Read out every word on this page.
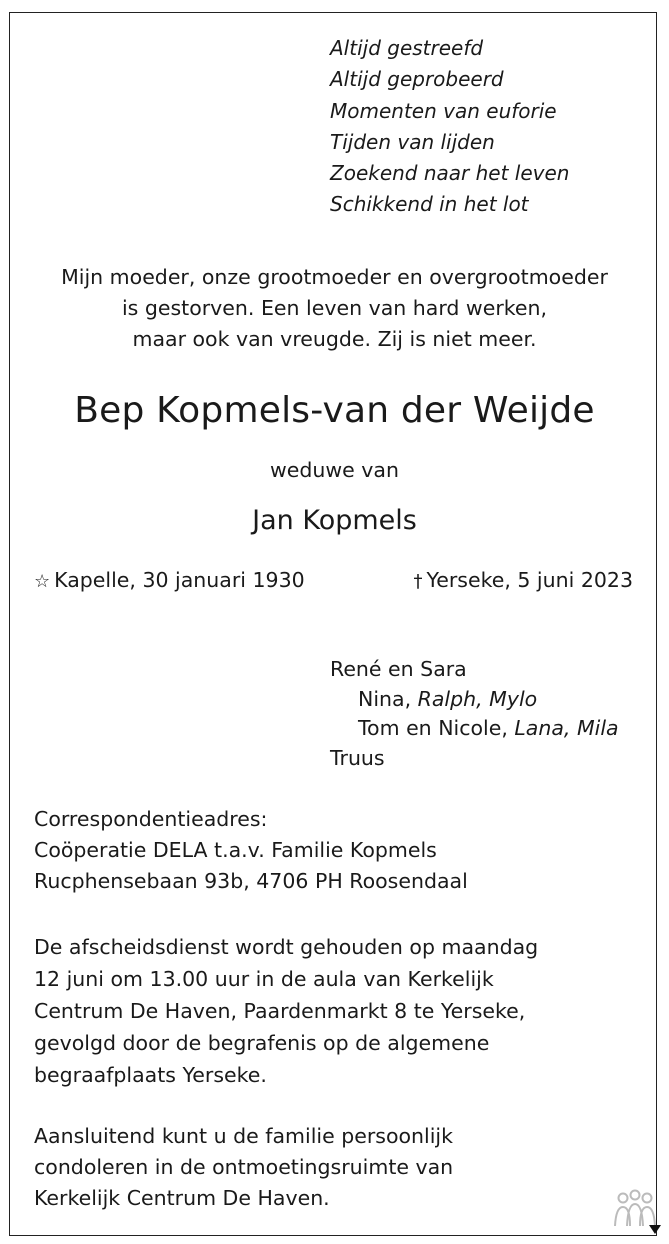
Altijd gestreefd
Altijd geprobeerd
Momenten van euforie
Tijden van lijden
Zoekend naar het leven
Schikkend in het lot
Mijn moeder, onze grootmoeder en overgrootmoeder
is gestorven. Een leven van hard werken,
maar ook van vreugde. Zij is niet meer.
Bep Kopmels-van der Weijde
weduwe van
Jan Kopmels
☆ Kapelle, 30 januari 1930	† Yerseke, 5 juni 2023
René en Sara
Nina, Ralph, Mylo
Tom en Nicole, Lana, Mila
Truus
Correspondentieadres:
Coöperatie DELA t.a.v. Familie Kopmels
Rucphensebaan 93b, 4706 PH Roosendaal
De afscheidsdienst wordt gehouden op maandag
12 juni om 13.00 uur in de aula van Kerkelijk
Centrum De Haven, Paardenmarkt 8 te Yerseke,
gevolgd door de begrafenis op de algemene
begraafplaats Yerseke.
Aansluitend kunt u de familie persoonlijk
condoleren in de ontmoetingsruimte van
Kerkelijk Centrum De Haven.
